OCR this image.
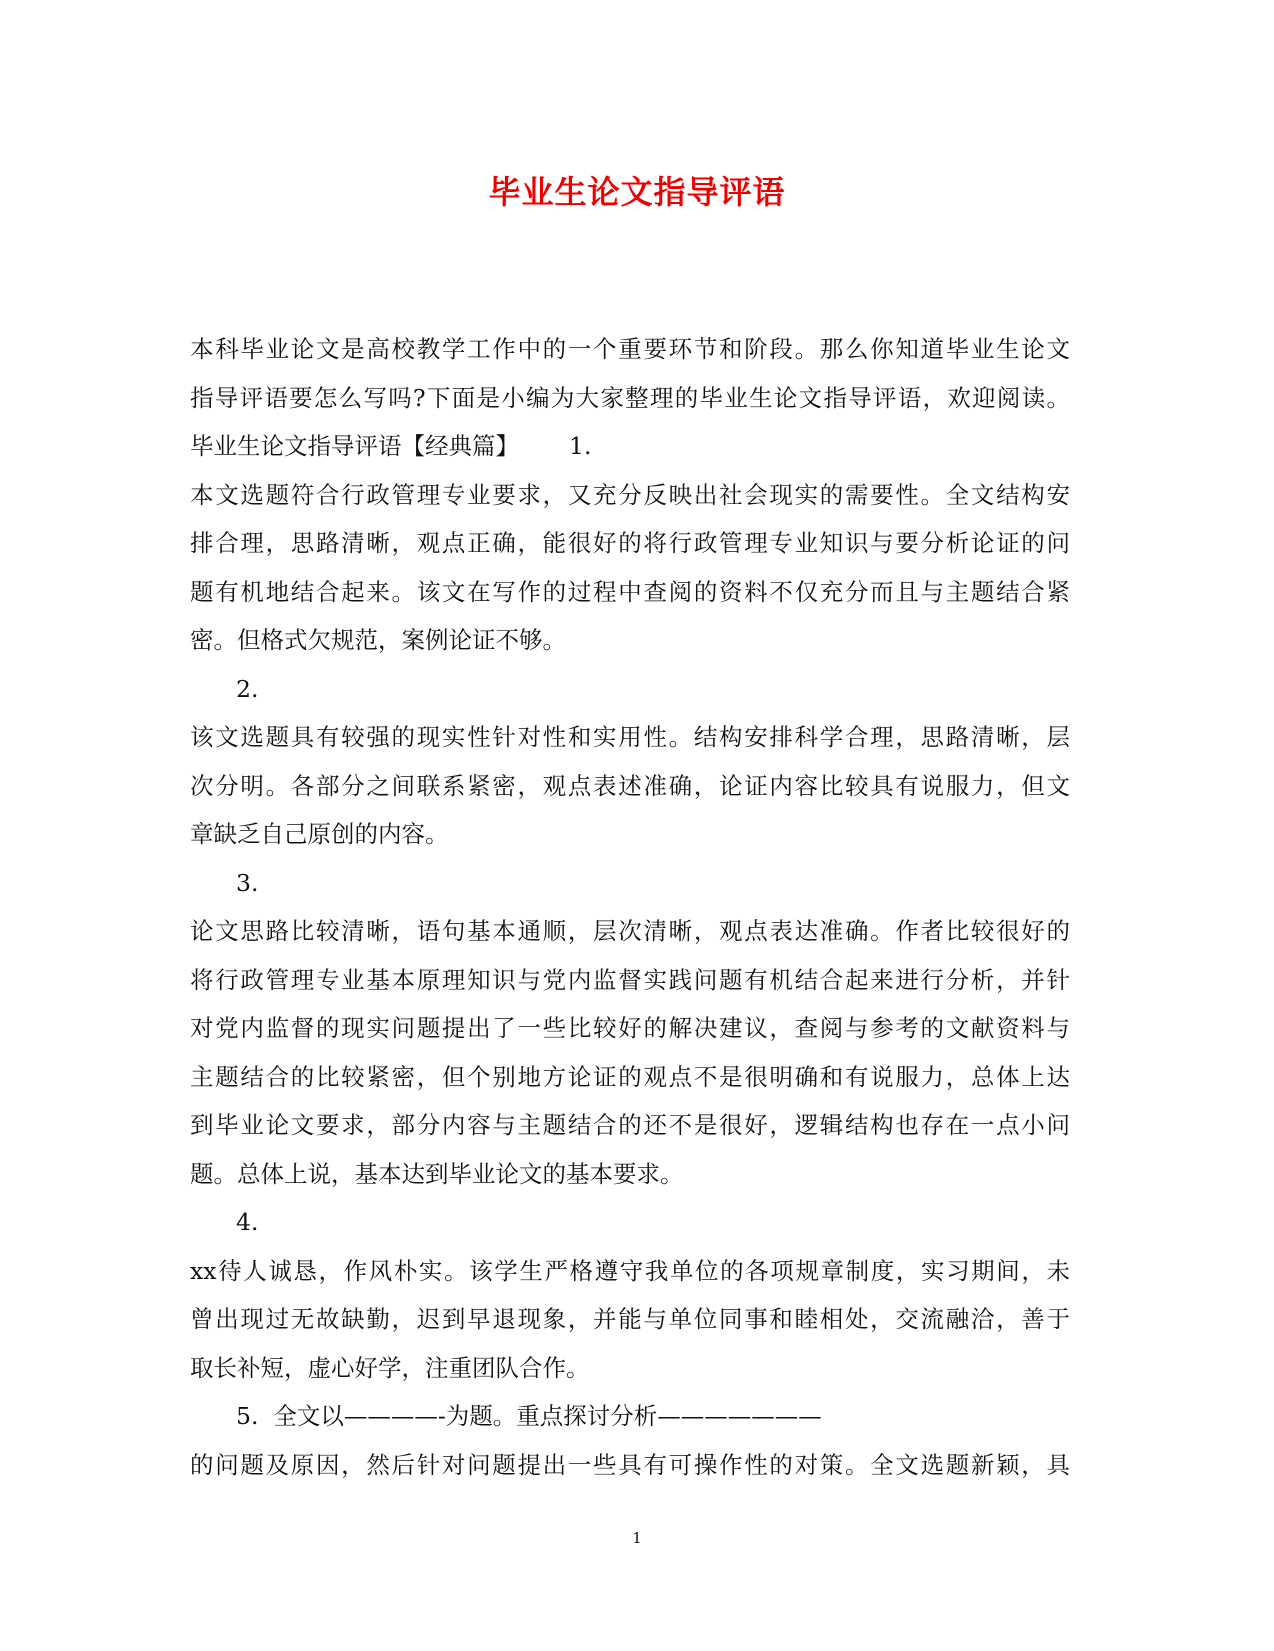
毕业生论文指导评语
本科毕业论文是高校教学工作中的一个重要环节和阶段。那么你知道毕业生论文
指导评语要怎么写吗?下面是小编为大家整理的毕业生论文指导评语，欢迎阅读。
毕业生论文指导评语【经典篇】 1.
本文选题符合行政管理专业要求，又充分反映出社会现实的需要性。全文结构安
排合理，思路清晰，观点正确，能很好的将行政管理专业知识与要分析论证的问
题有机地结合起来。该文在写作的过程中查阅的资料不仅充分而且与主题结合紧
密。但格式欠规范，案例论证不够。
2.
该文选题具有较强的现实性针对性和实用性。结构安排科学合理，思路清晰，层
次分明。各部分之间联系紧密，观点表述准确，论证内容比较具有说服力，但文
章缺乏自己原创的内容。
3.
论文思路比较清晰，语句基本通顺，层次清晰，观点表达准确。作者比较很好的
将行政管理专业基本原理知识与党内监督实践问题有机结合起来进行分析，并针
对党内监督的现实问题提出了一些比较好的解决建议，查阅与参考的文献资料与
主题结合的比较紧密，但个别地方论证的观点不是很明确和有说服力，总体上达
到毕业论文要求，部分内容与主题结合的还不是很好，逻辑结构也存在一点小问
题。总体上说，基本达到毕业论文的基本要求。
4.
xx待人诚恳，作风朴实。该学生严格遵守我单位的各项规章制度，实习期间，未
曾出现过无故缺勤，迟到早退现象，并能与单位同事和睦相处，交流融洽，善于
取长补短，虚心好学，注重团队合作。
5.  全文以————-为题。重点探讨分析———————
的问题及原因，然后针对问题提出一些具有可操作性的对策。全文选题新颖，具
1
